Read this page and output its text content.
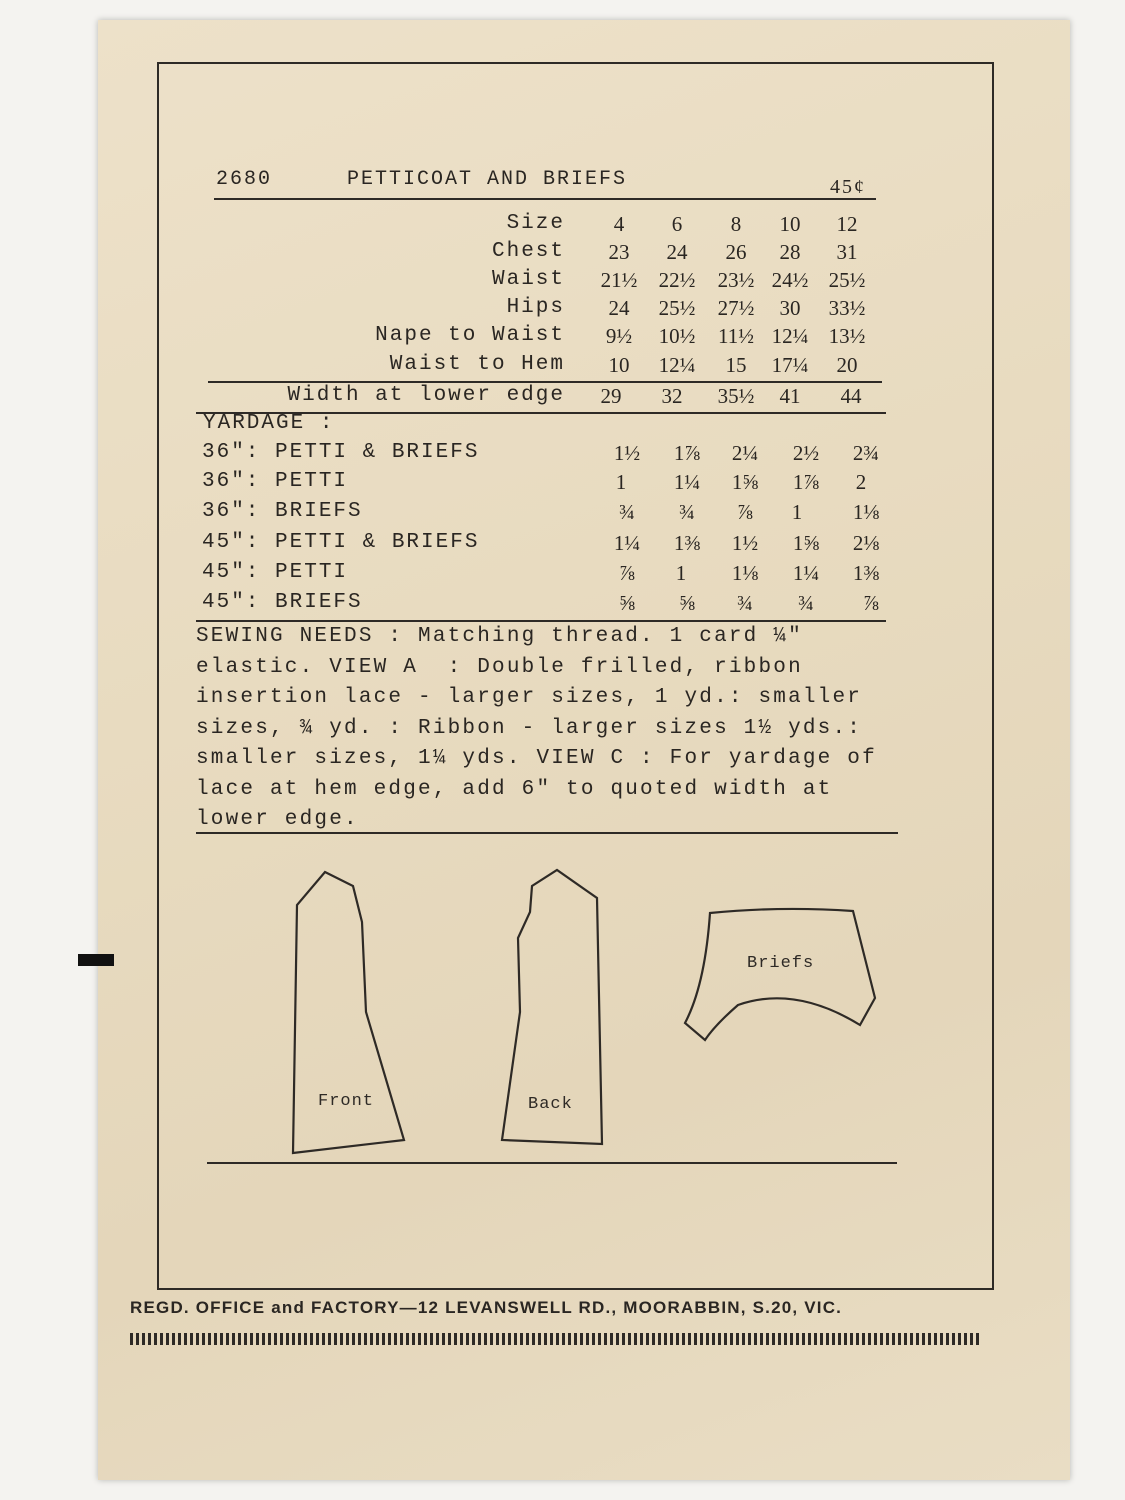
2680	PETTICOAT AND BRIEFS	45¢
Size	4	6	8	10	12
Chest	23	24	26	28	31
Waist	21½	22½	23½ 24½ 25½
Hips	24	25½	27½	30	33½
Nape to Waist	9½	10½	11½ 12¼ 13½
Waist to Hem	10	12¼	15	17¼	20
Width at lower edge	29	32	35½	41	44
YARDAGE :
36": PETTI & BRIEFS	1½	1⅞	2¼	2½	2¾
36": PETTI	1	1¼	1⅝	1⅞	2
36": BRIEFS	¾	¾	⅞	1	1⅛
45": PETTI & BRIEFS	1¼	1⅜	1½	1⅝	2⅛
45": PETTI	⅞	1	1⅛	1¼	1⅜
45": BRIEFS	⅝	⅝	¾	¾	⅞
SEWING NEEDS : Matching thread. 1 card ¼"
elastic. VIEW A  : Double frilled, ribbon
insertion lace - larger sizes, 1 yd.: smaller
sizes, ¾ yd. : Ribbon - larger sizes 1½ yds.:
smaller sizes, 1¼ yds. VIEW C : For yardage of
lace at hem edge, add 6" to quoted width at
lower edge.
Front	Back
Briefs
REGD. OFFICE and FACTORY—12 LEVANSWELL RD., MOORABBIN, S.20, VIC.
